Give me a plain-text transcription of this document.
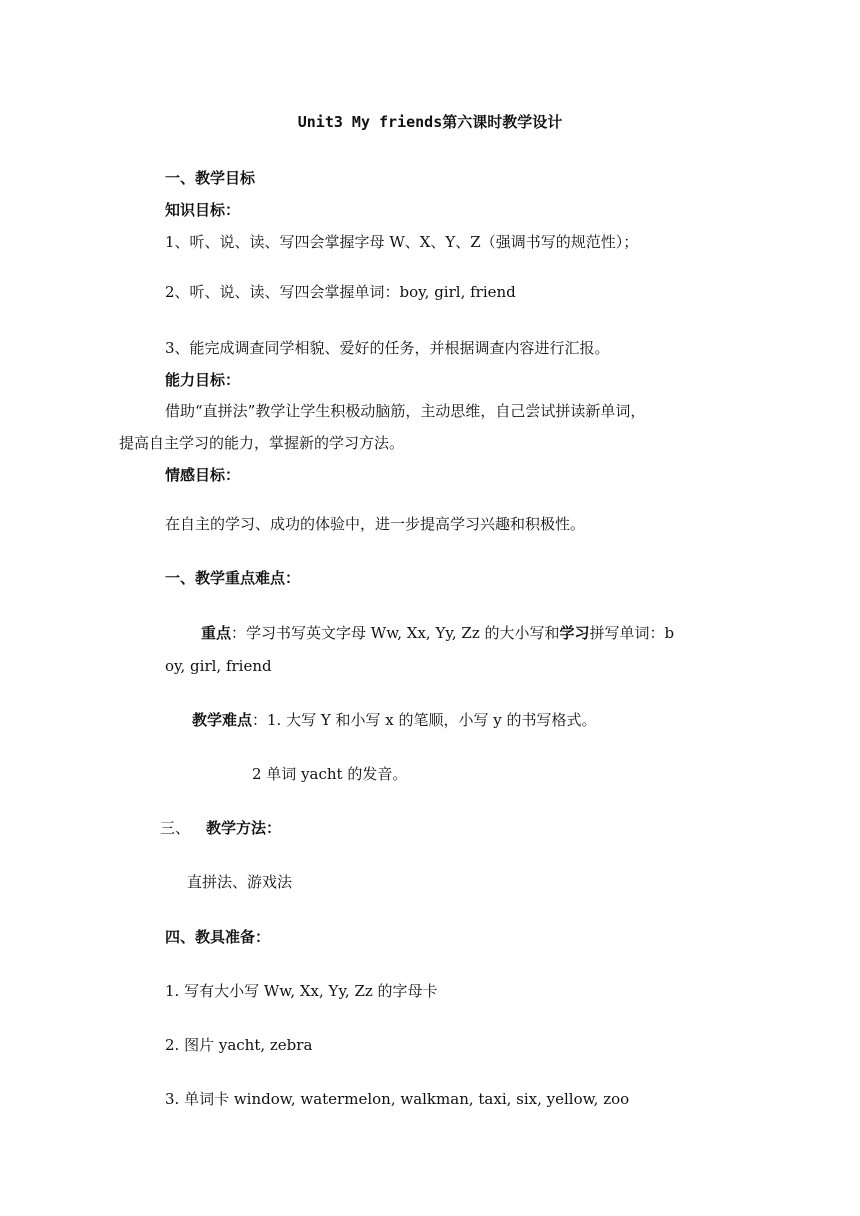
Unit3 My friends第六课时教学设计
一、教学目标
知识目标：
1、听、说、读、写四会掌握字母 W、X、Y、Z（强调书写的规范性）；
2、听、说、读、写四会掌握单词：boy, girl, friend
3、能完成调查同学相貌、爱好的任务，并根据调查内容进行汇报。
能力目标：
借助“直拼法”教学让学生积极动脑筋，主动思维，自己尝试拼读新单词，
提高自主学习的能力，掌握新的学习方法。
情感目标：
在自主的学习、成功的体验中，进一步提高学习兴趣和积极性。
一、教学重点难点：
重点：学习书写英文字母 Ww, Xx, Yy, Zz 的大小写和学习拼写单词：b
oy, girl, friend
教学难点：1. 大写 Y 和小写 x 的笔顺，小写 y 的书写格式。
2 单词 yacht 的发音。
三、 教学方法：
直拼法、游戏法
四、教具准备：
1. 写有大小写 Ww, Xx, Yy, Zz 的字母卡
2. 图片 yacht, zebra
3. 单词卡 window, watermelon, walkman, taxi, six, yellow, zoo
